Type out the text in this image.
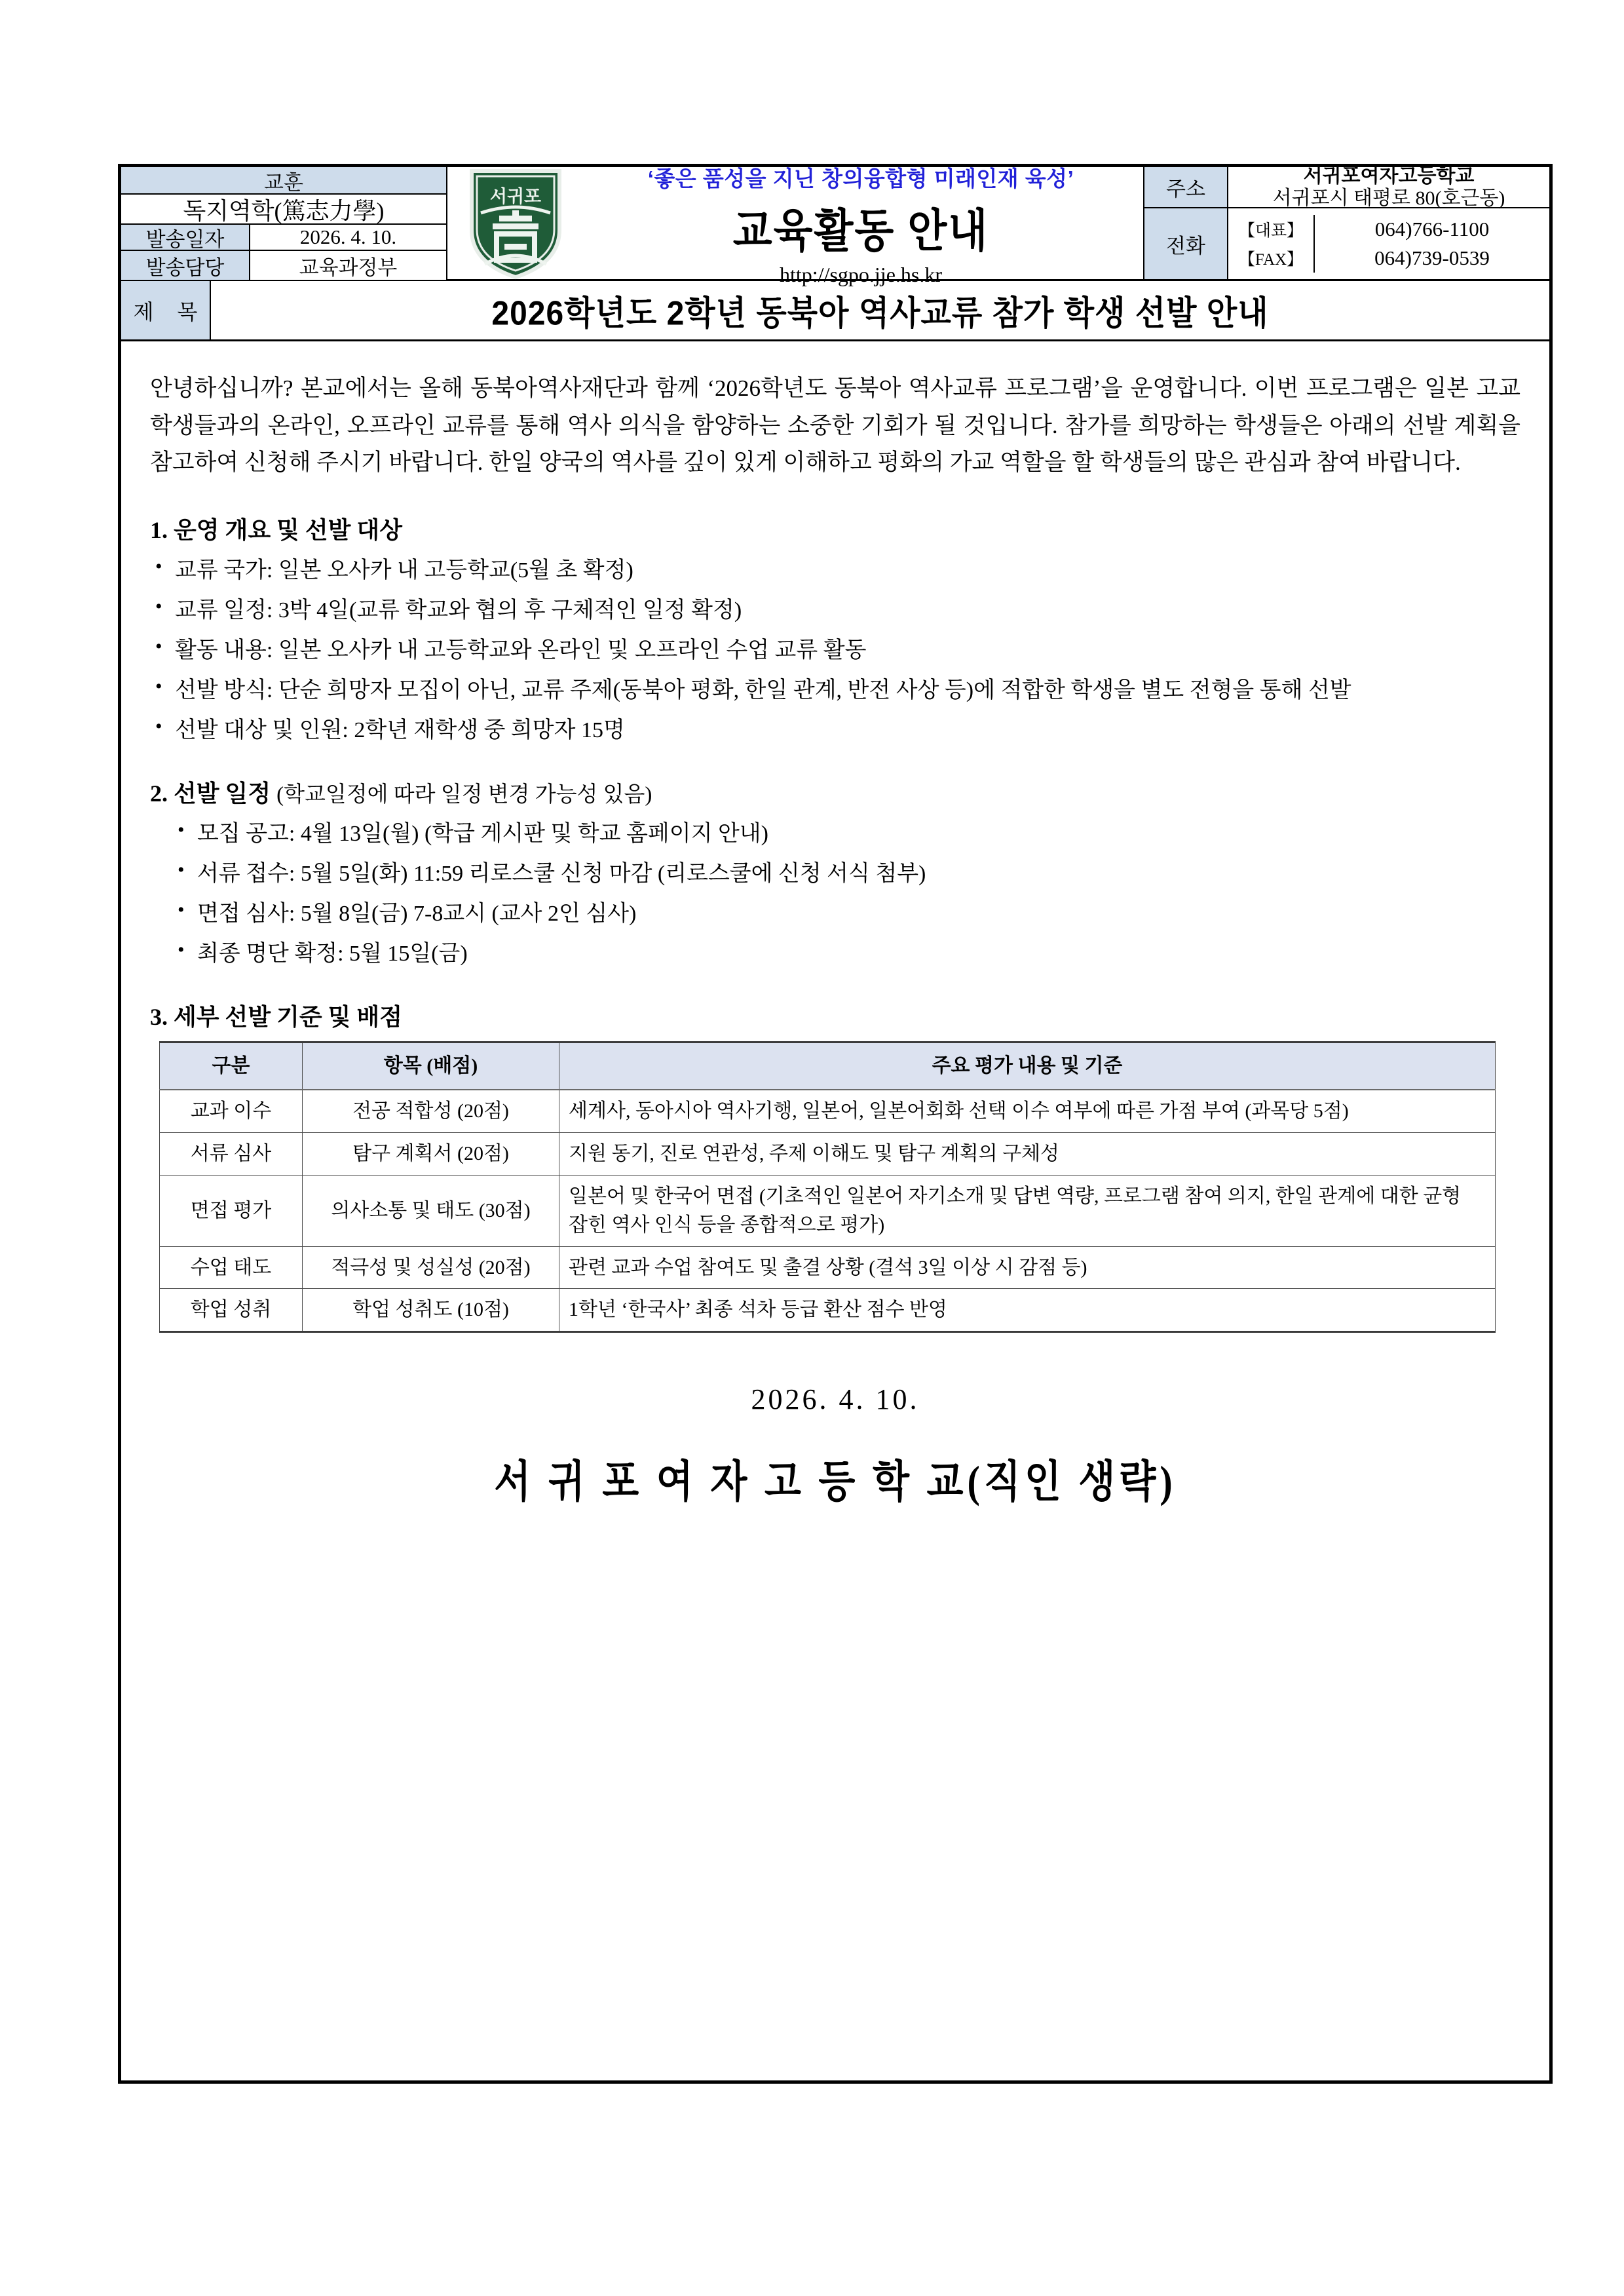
교훈
독지역학(篤志力學)
발송일자	2026. 4. 10.
발송담당	교육과정부
서귀포
‘좋은 품성을 지닌 창의융합형 미래인재 육성’
교육활동 안내
http://sgpo.jje.hs.kr
주소
서귀포여자고등학교
서귀포시 태평로 80(호근동)
전화
【대표】	064)766-1100
【FAX】	064)739-0539
제 목	2026학년도 2학년 동북아 역사교류 참가 학생 선발 안내

안녕하십니까? 본교에서는 올해 동북아역사재단과 함께 ‘2026학년도 동북아 역사교류 프로그램’을 운영합니다. 이번 프로그램은 일본 고교 학생들과의 온라인, 오프라인 교류를 통해 역사 의식을 함양하는 소중한 기회가 될 것입니다. 참가를 희망하는 학생들은 아래의 선발 계획을 참고하여 신청해 주시기 바랍니다. 한일 양국의 역사를 깊이 있게 이해하고 평화의 가교 역할을 할 학생들의 많은 관심과 참여 바랍니다.

1. 운영 개요 및 선발 대상
• 교류 국가: 일본 오사카 내 고등학교(5월 초 확정)
• 교류 일정: 3박 4일(교류 학교와 협의 후 구체적인 일정 확정)
• 활동 내용: 일본 오사카 내 고등학교와 온라인 및 오프라인 수업 교류 활동
• 선발 방식: 단순 희망자 모집이 아닌, 교류 주제(동북아 평화, 한일 관계, 반전 사상 등)에 적합한 학생을 별도 전형을 통해 선발
• 선발 대상 및 인원: 2학년 재학생 중 희망자 15명
2. 선발 일정 (학교일정에 따라 일정 변경 가능성 있음)
• 모집 공고: 4월 13일(월) (학급 게시판 및 학교 홈페이지 안내)
• 서류 접수: 5월 5일(화) 11:59 리로스쿨 신청 마감 (리로스쿨에 신청 서식 첨부)
• 면접 심사: 5월 8일(금) 7-8교시 (교사 2인 심사)
• 최종 명단 확정: 5월 15일(금)
3. 세부 선발 기준 및 배점
구분	항목 (배점)	주요 평가 내용 및 기준
교과 이수	전공 적합성 (20점)	세계사, 동아시아 역사기행, 일본어, 일본어회화 선택 이수 여부에 따른 가점 부여 (과목당 5점)
서류 심사	탐구 계획서 (20점)	지원 동기, 진로 연관성, 주제 이해도 및 탐구 계획의 구체성
면접 평가	의사소통 및 태도 (30점)	일본어 및 한국어 면접 (기초적인 일본어 자기소개 및 답변 역량, 프로그램 참여 의지, 한일 관계에 대한 균형 잡힌 역사 인식 등을 종합적으로 평가)
수업 태도	적극성 및 성실성 (20점)	관련 교과 수업 참여도 및 출결 상황 (결석 3일 이상 시 감점 등)
학업 성취	학업 성취도 (10점)	1학년 ‘한국사’ 최종 석차 등급 환산 점수 반영
2026. 4. 10.
서 귀 포 여 자 고 등 학 교(직인 생략)
